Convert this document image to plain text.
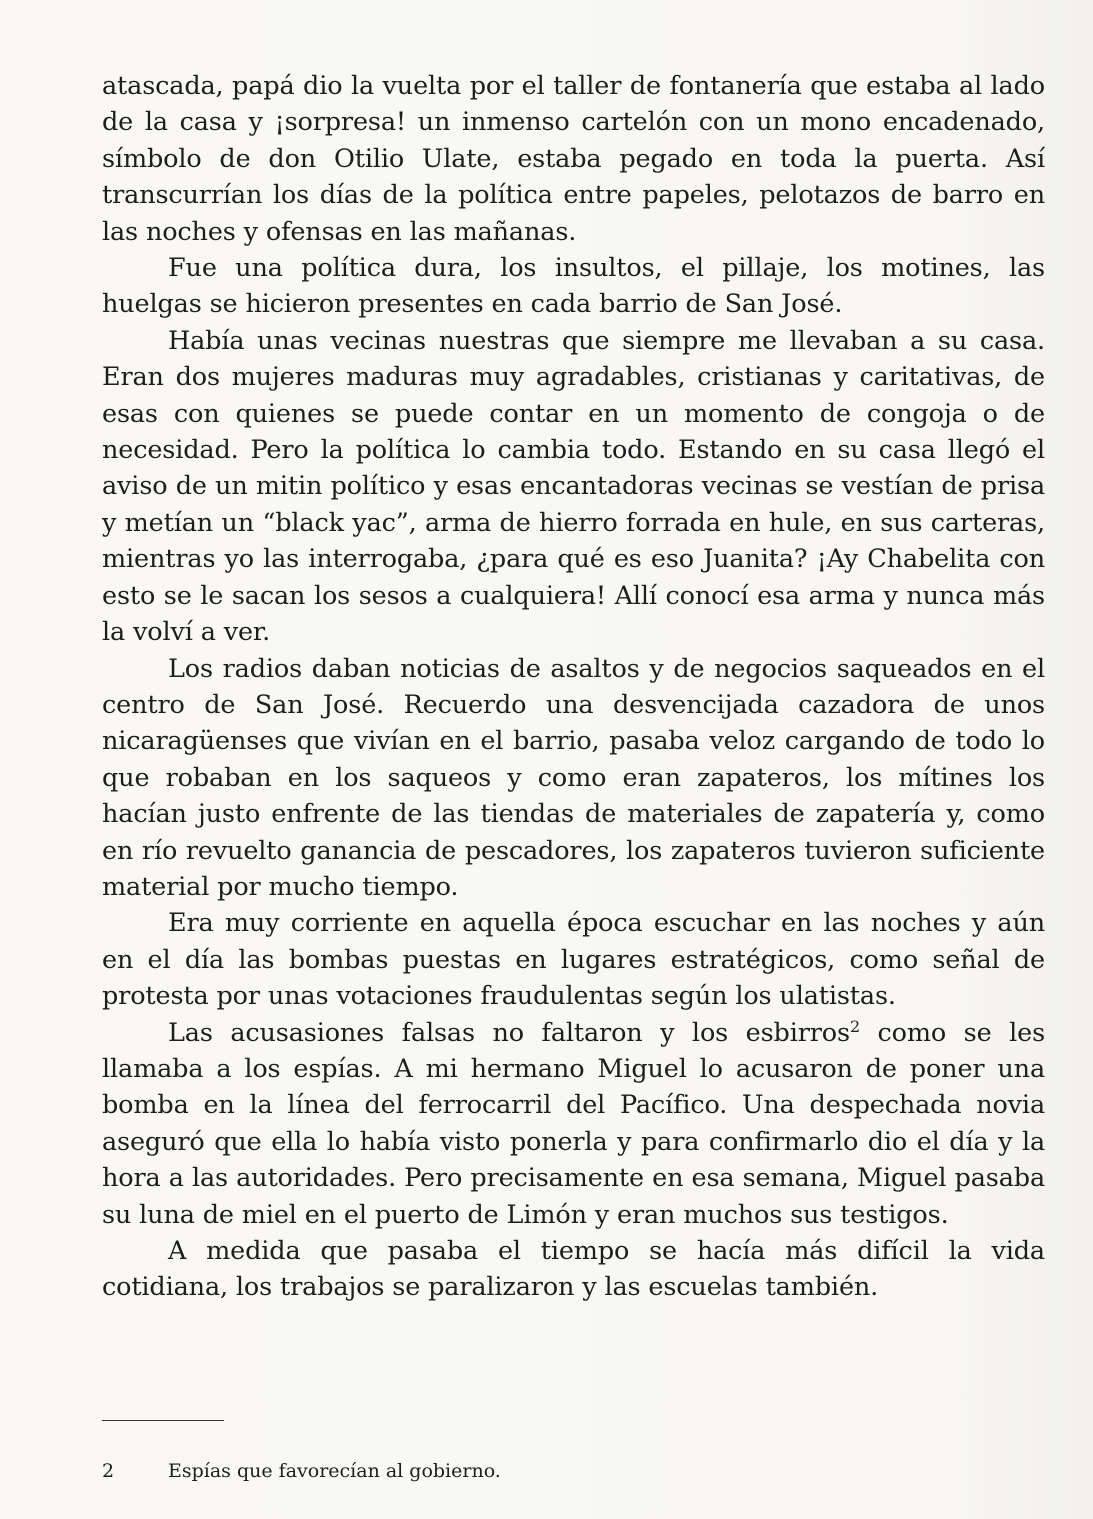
atascada, papá dio la vuelta por el taller de fontanería que estaba al lado de la casa y ¡sorpresa! un inmenso cartelón con un mono encadenado, símbolo de don Otilio Ulate, estaba pegado en toda la puerta. Así transcurrían los días de la política entre papeles, pelotazos de barro en las noches y ofensas en las mañanas.

Fue una política dura, los insultos, el pillaje, los motines, las huelgas se hicieron presentes en cada barrio de San José.

Había unas vecinas nuestras que siempre me llevaban a su casa. Eran dos mujeres maduras muy agradables, cristianas y caritativas, de esas con quienes se puede contar en un momento de congoja o de necesidad. Pero la política lo cambia todo. Estando en su casa llegó el aviso de un mitin político y esas encantadoras vecinas se vestían de prisa y metían un “black yac”, arma de hierro forrada en hule, en sus carteras, mientras yo las interrogaba, ¿para qué es eso Juanita? ¡Ay Chabelita con esto se le sacan los sesos a cualquiera! Allí conocí esa arma y nunca más la volví a ver.

Los radios daban noticias de asaltos y de negocios saqueados en el centro de San José. Recuerdo una desvencijada cazadora de unos nicaragüenses que vivían en el barrio, pasaba veloz cargando de todo lo que robaban en los saqueos y como eran zapateros, los mítines los hacían justo enfrente de las tiendas de materiales de zapatería y, como en río revuelto ganancia de pescadores, los zapateros tuvieron suficiente material por mucho tiempo.

Era muy corriente en aquella época escuchar en las noches y aún en el día las bombas puestas en lugares estratégicos, como señal de protesta por unas votaciones fraudulentas según los ulatistas.

Las acusasiones falsas no faltaron y los esbirros$^2$ como se les llamaba a los espías. A mi hermano Miguel lo acusaron de poner una bomba en la línea del ferrocarril del Pacífico. Una despechada novia aseguró que ella lo había visto ponerla y para confirmarlo dio el día y la hora a las autoridades. Pero precisamente en esa semana, Miguel pasaba su luna de miel en el puerto de Limón y eran muchos sus testigos.

A medida que pasaba el tiempo se hacía más difícil la vida cotidiana, los trabajos se paralizaron y las escuelas también.

2	Espías que favorecían al gobierno.
